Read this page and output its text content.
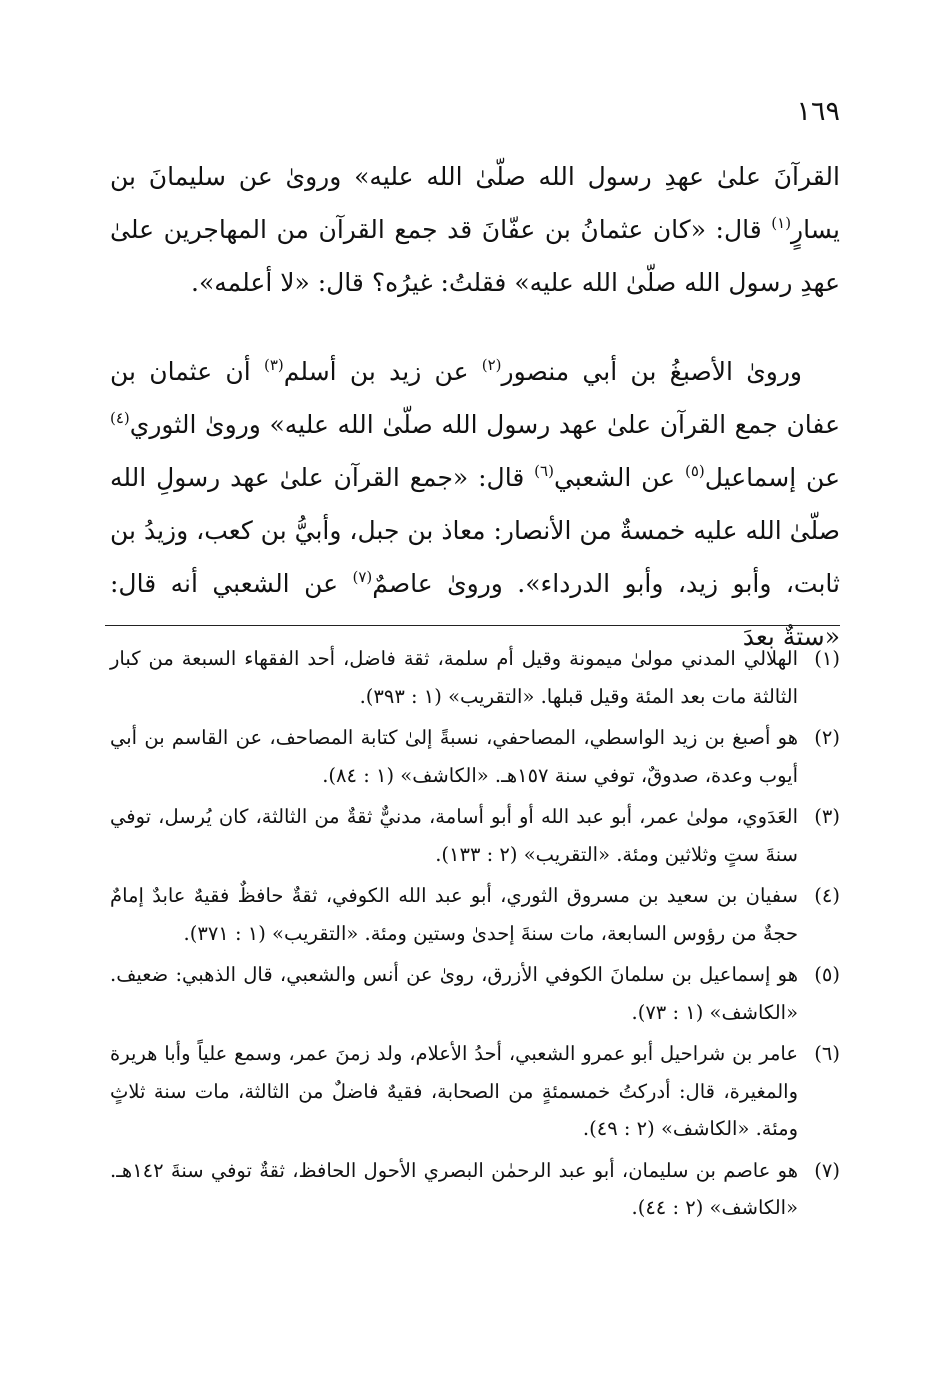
١٦٩

القرآنَ علىٰ عهدِ رسول الله صلّىٰ الله عليه» وروىٰ عن سليمانَ بن يسارٍ$^{(١)}$ قال: «كان عثمانُ بن عفّانَ قد جمع القرآن من المهاجرين علىٰ عهدِ رسول الله صلّىٰ الله عليه» فقلتُ: غيرُه؟ قال: «لا أعلمه».

وروىٰ الأصبغُ بن أبي منصور$^{(٢)}$ عن زيد بن أسلم$^{(٣)}$ أن عثمان بن عفان جمع القرآن علىٰ عهد رسول الله صلّىٰ الله عليه» وروىٰ الثوري$^{(٤)}$ عن إسماعيل$^{(٥)}$ عن الشعبي$^{(٦)}$ قال: «جمع القرآن علىٰ عهد رسولِ الله صلّىٰ الله عليه خمسةٌ من الأنصار: معاذ بن جبل، وأبيُّ بن كعب، وزيدُ بن ثابت، وأبو زيد، وأبو الدرداء». وروىٰ عاصمٌ$^{(٧)}$ عن الشعبي أنه قال: «ستةٌ بعدَ

(١)
الهلالي المدني مولىٰ ميمونة وقيل أم سلمة، ثقة فاضل، أحد الفقهاء السبعة من كبار الثالثة مات بعد المئة وقيل قبلها. «التقريب» (١ : ٣٩٣).
(٢)
هو أصبغ بن زيد الواسطي، المصاحفي، نسبةً إلىٰ كتابة المصاحف، عن القاسم بن أبي أيوب وعدة، صدوقٌ، توفي سنة ١٥٧هـ. «الكاشف» (١ : ٨٤).
(٣)
العَدَوي، مولىٰ عمر، أبو عبد الله أو أبو أسامة، مدنيٌّ ثقةٌ من الثالثة، كان يُرسل، توفي سنةَ ستٍ وثلاثين ومئة. «التقريب» (٢ : ١٣٣).
(٤)
سفيان بن سعيد بن مسروق الثوري، أبو عبد الله الكوفي، ثقةٌ حافظٌ فقيهٌ عابدٌ إمامٌ حجةٌ من رؤوس السابعة، مات سنةَ إحدىٰ وستين ومئة. «التقريب» (١ : ٣٧١).
(٥)
هو إسماعيل بن سلمانَ الكوفي الأزرق، روىٰ عن أنس والشعبي، قال الذهبي: ضعيف. «الكاشف» (١ : ٧٣).
(٦)
عامر بن شراحيل أبو عمرو الشعبي، أحدُ الأعلام، ولد زمنَ عمر، وسمع علياً وأبا هريرة والمغيرة، قال: أدركتُ خمسمئةٍ من الصحابة، فقيهٌ فاضلٌ من الثالثة، مات سنة ثلاثٍ ومئة. «الكاشف» (٢ : ٤٩).
(٧)
هو عاصم بن سليمان، أبو عبد الرحمٰن البصري الأحول الحافظ، ثقةٌ توفي سنةَ ١٤٢هـ. «الكاشف» (٢ : ٤٤).
